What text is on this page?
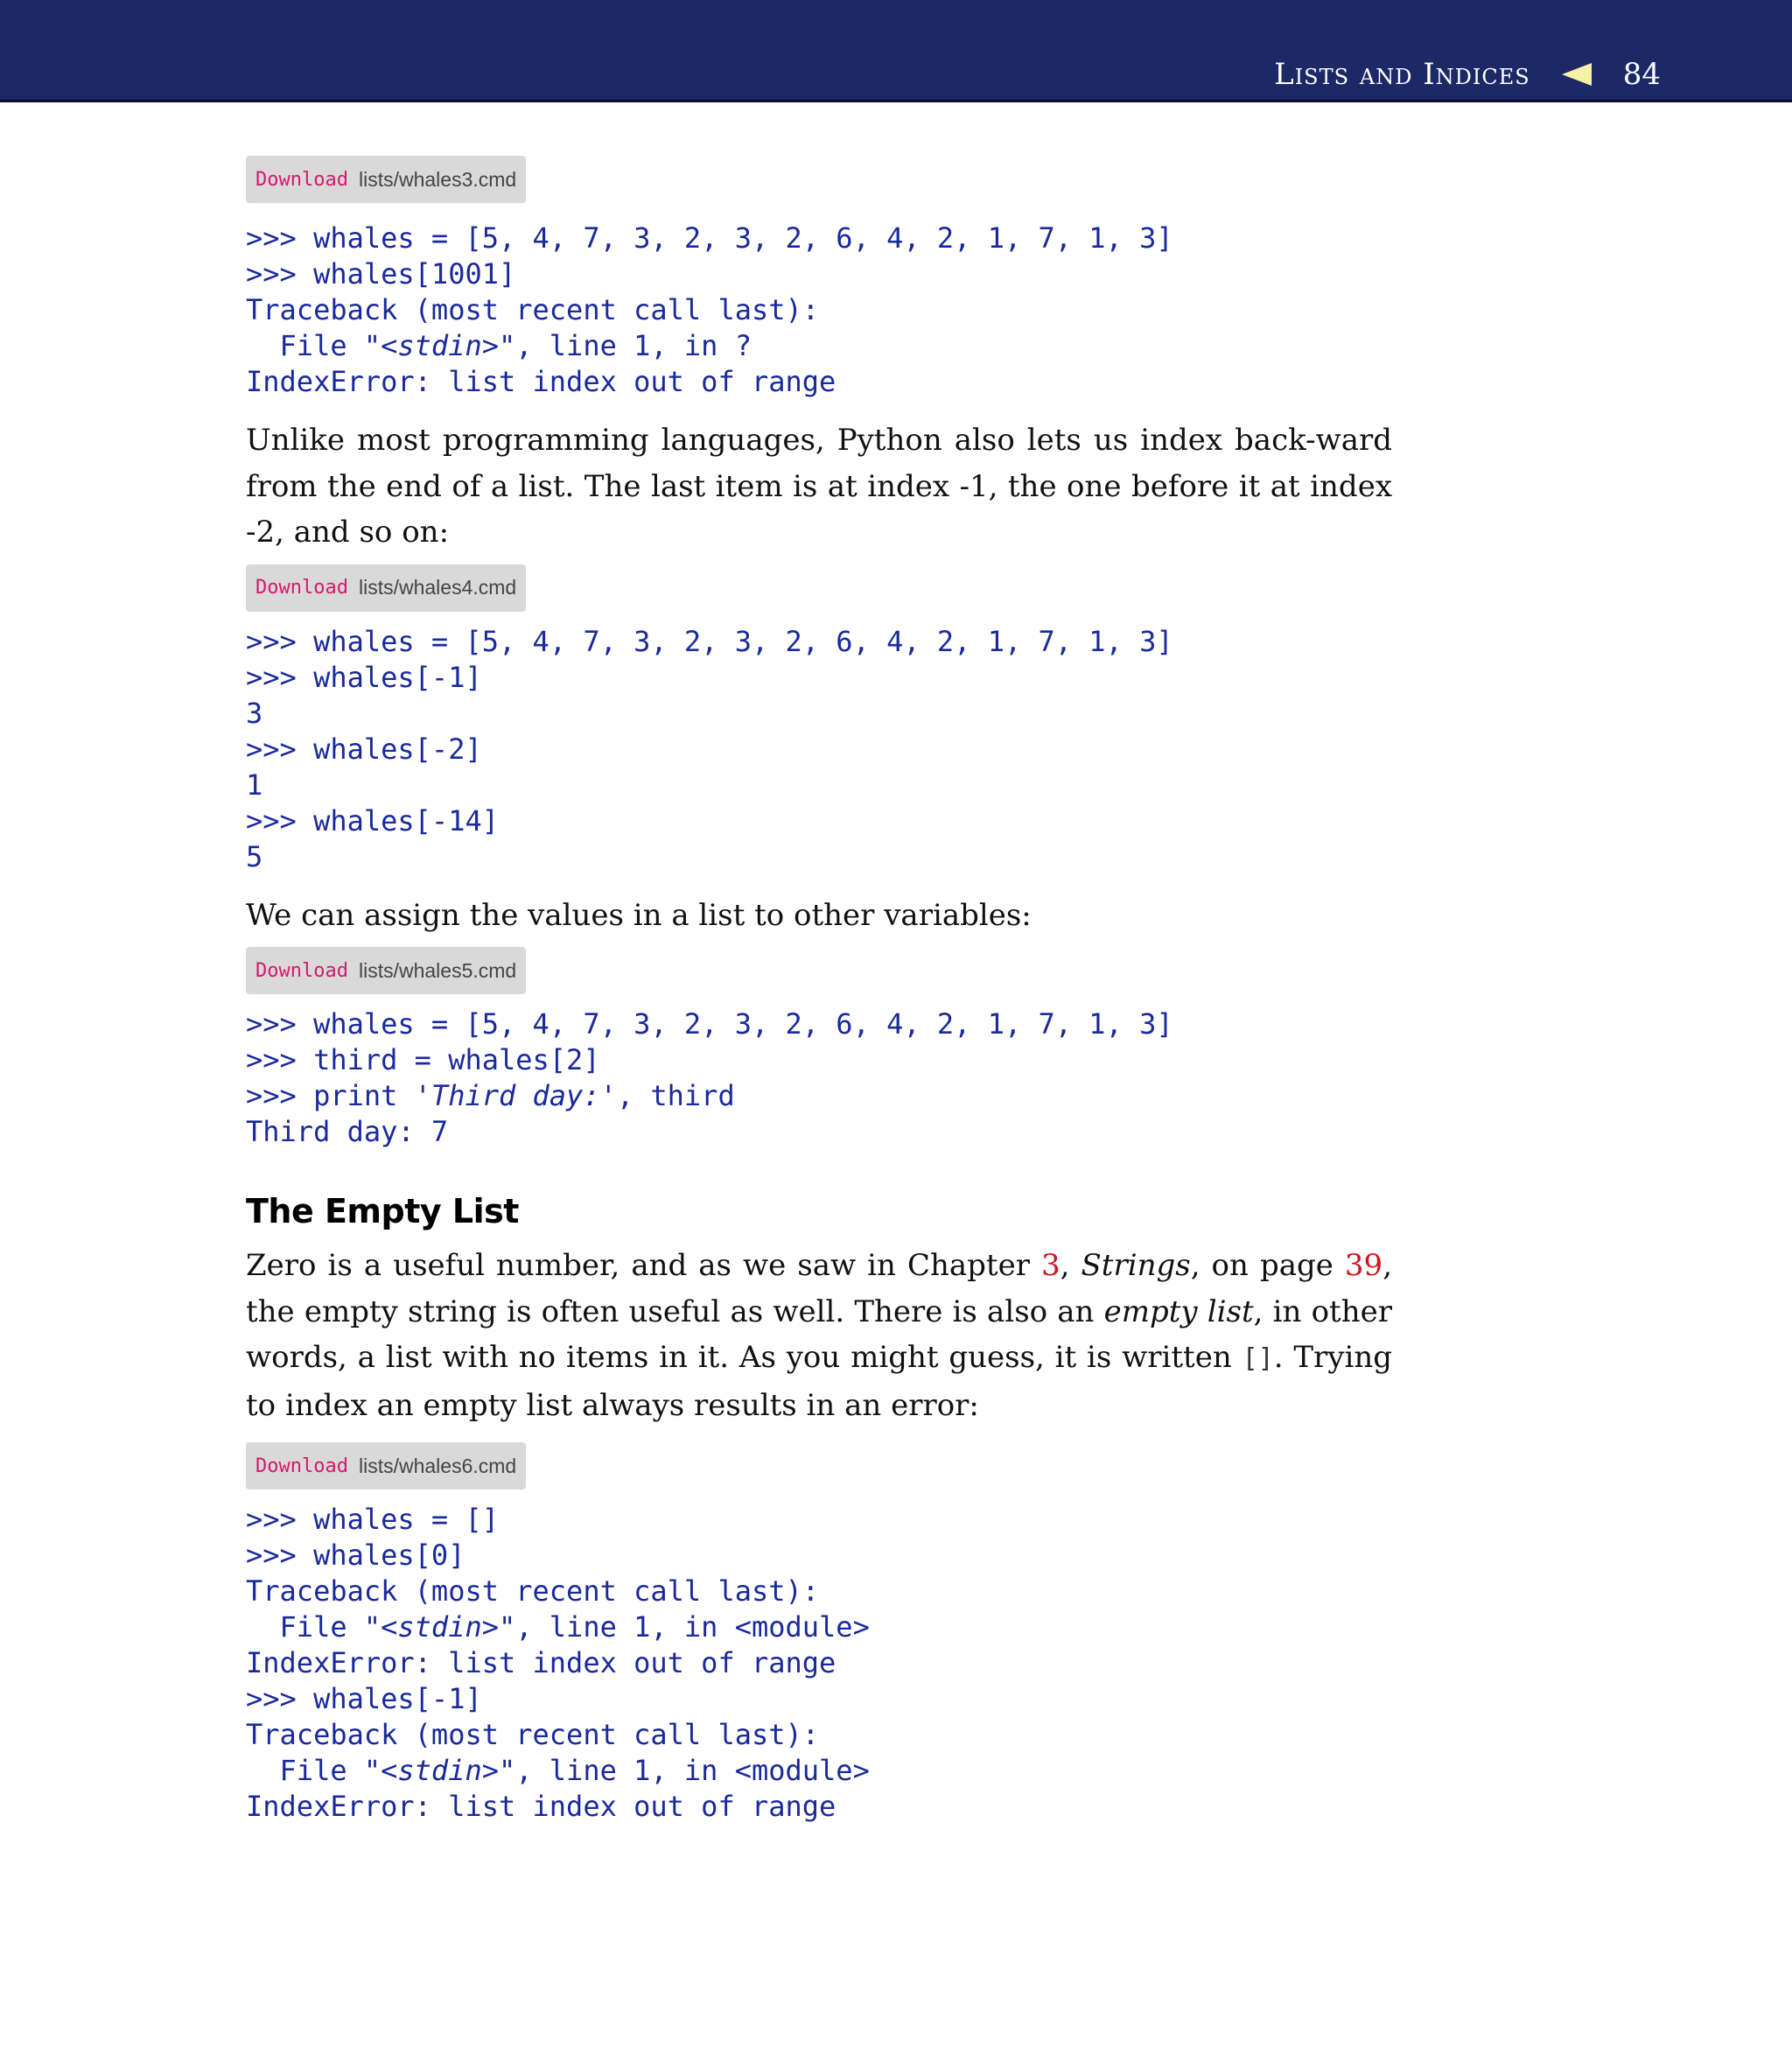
Lists and Indices	84
Download lists/whales3.cmd
>>> whales = [5, 4, 7, 3, 2, 3, 2, 6, 4, 2, 1, 7, 1, 3]
>>> whales[1001]
Traceback (most recent call last):
File "<stdin>", line 1, in ?
IndexError: list index out of range

Unlike most programming languages, Python also lets us index back-ward from the end of a list. The last item is at index -1, the one before it at index -2, and so on:

Download lists/whales4.cmd
>>> whales = [5, 4, 7, 3, 2, 3, 2, 6, 4, 2, 1, 7, 1, 3]
>>> whales[-1]
3
>>> whales[-2]
1
>>> whales[-14]
5

We can assign the values in a list to other variables:

Download lists/whales5.cmd
>>> whales = [5, 4, 7, 3, 2, 3, 2, 6, 4, 2, 1, 7, 1, 3]
>>> third = whales[2]
>>> print 'Third day:', third
Third day: 7
The Empty List

Zero is a useful number, and as we saw in Chapter 3, Strings, on page 39, the empty string is often useful as well. There is also an empty list, in other words, a list with no items in it. As you might guess, it is written []. Trying to index an empty list always results in an error:

Download lists/whales6.cmd
>>> whales = []
>>> whales[0]
Traceback (most recent call last):
File "<stdin>", line 1, in <module>
IndexError: list index out of range
>>> whales[-1]
Traceback (most recent call last):
File "<stdin>", line 1, in <module>
IndexError: list index out of range
